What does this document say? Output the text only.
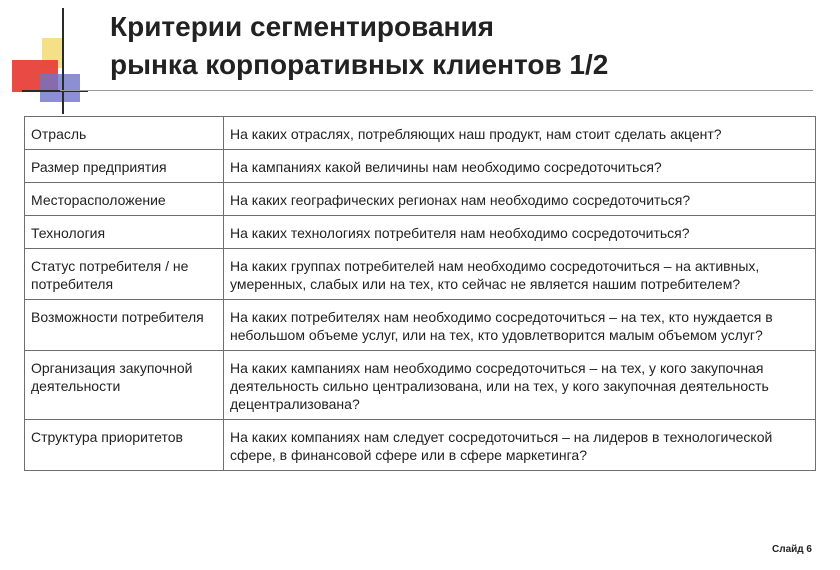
Критерии сегментирования
рынка корпоративных клиентов 1/2
Отрасль	На каких отраслях, потребляющих наш продукт, нам стоит сделать акцент?
Размер предприятия	На кампаниях какой величины нам необходимо сосредоточиться?
Месторасположение	На каких географических регионах нам необходимо сосредоточиться?
Технология	На каких технологиях потребителя нам необходимо сосредоточиться?
Статус потребителя / не потребителя	На каких группах потребителей нам необходимо сосредоточиться – на активных, умеренных, слабых или на тех, кто сейчас не является нашим потребителем?
Возможности потребителя	На каких потребителях нам необходимо сосредоточиться – на тех, кто нуждается в небольшом объеме услуг, или на тех, кто удовлетворится малым объемом услуг?
Организация закупочной деятельности	На каких кампаниях нам необходимо сосредоточиться – на тех, у кого закупочная деятельность сильно централизована, или на тех, у кого закупочная деятельность децентрализована?
Структура приоритетов	На каких компаниях нам следует сосредоточиться – на лидеров в технологической сфере, в финансовой сфере или в сфере маркетинга?
Слайд 6
